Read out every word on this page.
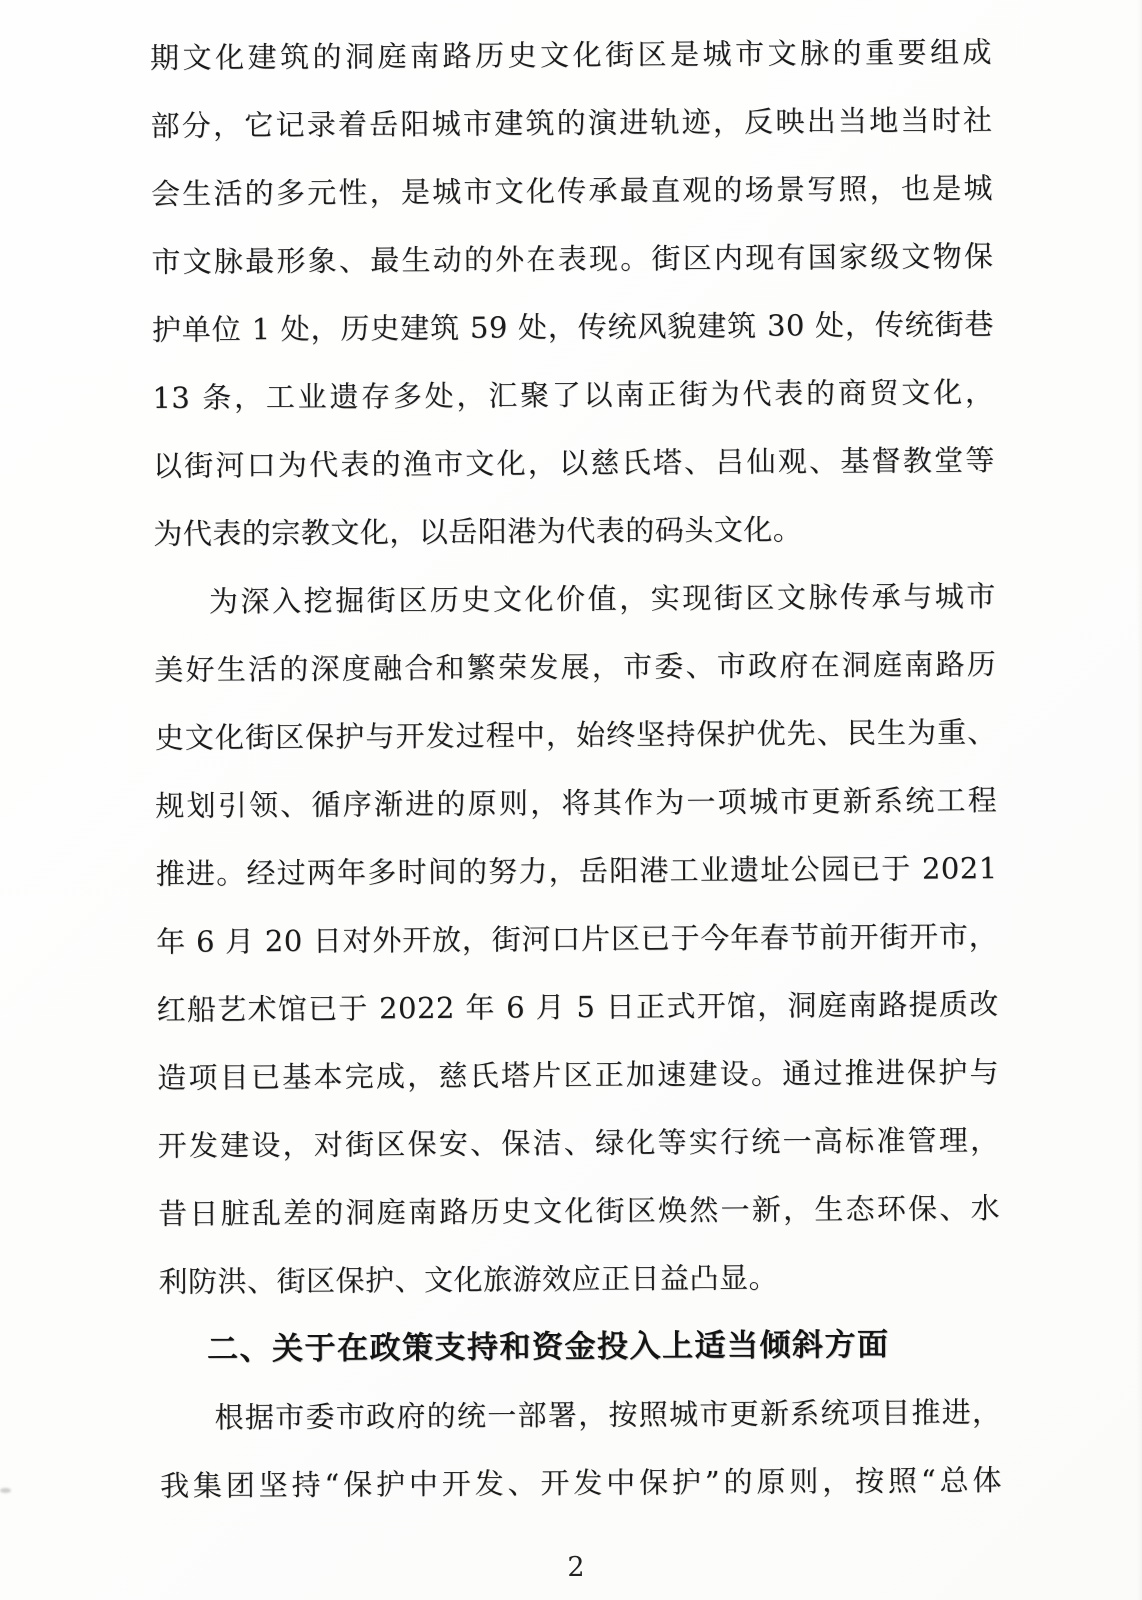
期文化建筑的洞庭南路历史文化街区是城市文脉的重要组成
部分，它记录着岳阳城市建筑的演进轨迹，反映出当地当时社
会生活的多元性，是城市文化传承最直观的场景写照，也是城
市文脉最形象、最生动的外在表现。街区内现有国家级文物保
护单位 1 处，历史建筑 59 处，传统风貌建筑 30 处，传统街巷
13 条，工业遗存多处，汇聚了以南正街为代表的商贸文化，
以街河口为代表的渔市文化，以慈氏塔、吕仙观、基督教堂等
为代表的宗教文化，以岳阳港为代表的码头文化。
为深入挖掘街区历史文化价值，实现街区文脉传承与城市
美好生活的深度融合和繁荣发展，市委、市政府在洞庭南路历
史文化街区保护与开发过程中，始终坚持保护优先、民生为重、
规划引领、循序渐进的原则，将其作为一项城市更新系统工程
推进。经过两年多时间的努力，岳阳港工业遗址公园已于 2021
年 6 月 20 日对外开放，街河口片区已于今年春节前开街开市，
红船艺术馆已于 2022 年 6 月 5 日正式开馆，洞庭南路提质改
造项目已基本完成，慈氏塔片区正加速建设。通过推进保护与
开发建设，对街区保安、保洁、绿化等实行统一高标准管理，
昔日脏乱差的洞庭南路历史文化街区焕然一新，生态环保、水
利防洪、街区保护、文化旅游效应正日益凸显。
二、关于在政策支持和资金投入上适当倾斜方面
根据市委市政府的统一部署，按照城市更新系统项目推进，
我集团坚持“保护中开发、开发中保护”的原则，按照“总体
2
